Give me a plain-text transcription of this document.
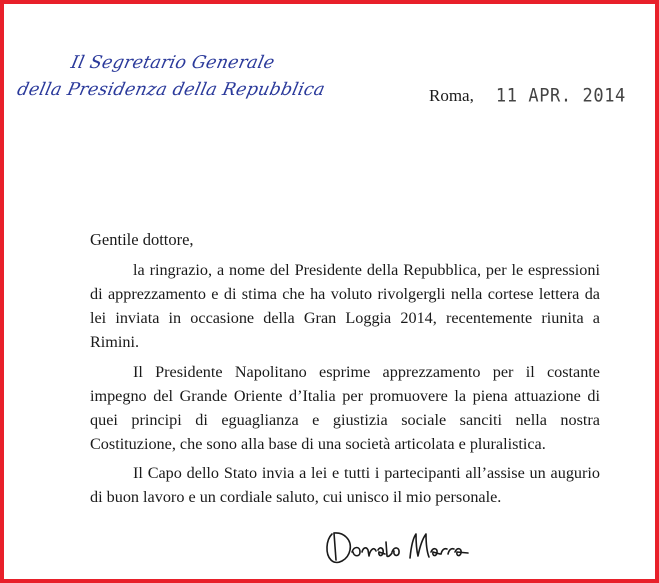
Il Segretario Generale
della Presidenza della Repubblica	Roma, 11 APR. 2014
Gentile dottore,

la ringrazio, a nome del Presidente della Repubblica, per le espressioni di apprezzamento e di stima che ha voluto rivolgergli nella cortese lettera da lei inviata in occasione della Gran Loggia 2014, recentemente riunita a Rimini.

Il Presidente Napolitano esprime apprezzamento per il costante impegno del Grande Oriente d’Italia per promuovere la piena attuazione di quei principi di eguaglianza e giustizia sociale sanciti nella nostra Costituzione, che sono alla base di una società articolata e pluralistica.

Il Capo dello Stato invia a lei e tutti i partecipanti all’assise un augurio di buon lavoro e un cordiale saluto, cui unisco il mio personale.
